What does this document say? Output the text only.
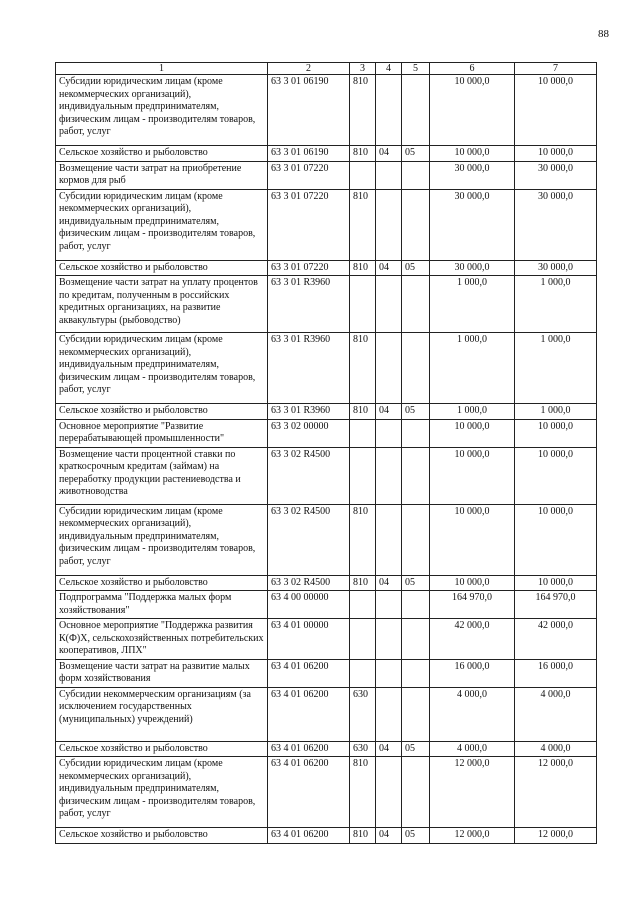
88
1	2	3	4	5	6	7
Субсидии юридическим лицам (кроме некоммерческих организаций), индивидуальным предпринимателям, физическим лицам - производителям товаров, работ, услуг	63 3 01 06190	810			10 000,0	10 000,0
Сельское хозяйство и рыболовство	63 3 01 06190	810	04	05	10 000,0	10 000,0
Возмещение части затрат на приобретение кормов для рыб	63 3 01 07220				30 000,0	30 000,0
Субсидии юридическим лицам (кроме некоммерческих организаций), индивидуальным предпринимателям, физическим лицам - производителям товаров, работ, услуг	63 3 01 07220	810			30 000,0	30 000,0
Сельское хозяйство и рыболовство	63 3 01 07220	810	04	05	30 000,0	30 000,0
Возмещение части затрат на уплату процентов по кредитам, полученным в российских кредитных организациях, на развитие аквакультуры (рыбоводство)	63 3 01 R3960				1 000,0	1 000,0
Субсидии юридическим лицам (кроме некоммерческих организаций), индивидуальным предпринимателям, физическим лицам - производителям товаров, работ, услуг	63 3 01 R3960	810			1 000,0	1 000,0
Сельское хозяйство и рыболовство	63 3 01 R3960	810	04	05	1 000,0	1 000,0
Основное мероприятие "Развитие перерабатывающей промышленности"	63 3 02 00000				10 000,0	10 000,0
Возмещение части процентной ставки по краткосрочным кредитам (займам) на переработку продукции растениеводства и животноводства	63 3 02 R4500				10 000,0	10 000,0
Субсидии юридическим лицам (кроме некоммерческих организаций), индивидуальным предпринимателям, физическим лицам - производителям товаров, работ, услуг	63 3 02 R4500	810			10 000,0	10 000,0
Сельское хозяйство и рыболовство	63 3 02 R4500	810	04	05	10 000,0	10 000,0
Подпрограмма "Поддержка малых форм хозяйствования"	63 4 00 00000				164 970,0	164 970,0
Основное мероприятие "Поддержка развития К(Ф)Х, сельскохозяйственных потребительских кооперативов, ЛПХ"	63 4 01 00000				42 000,0	42 000,0
Возмещение части затрат на развитие малых форм хозяйствования	63 4 01 06200				16 000,0	16 000,0
Субсидии некоммерческим организациям (за исключением государственных (муниципальных) учреждений)	63 4 01 06200	630			4 000,0	4 000,0
Сельское хозяйство и рыболовство	63 4 01 06200	630	04	05	4 000,0	4 000,0
Субсидии юридическим лицам (кроме некоммерческих организаций), индивидуальным предпринимателям, физическим лицам - производителям товаров, работ, услуг	63 4 01 06200	810			12 000,0	12 000,0
Сельское хозяйство и рыболовство	63 4 01 06200	810	04	05	12 000,0	12 000,0
